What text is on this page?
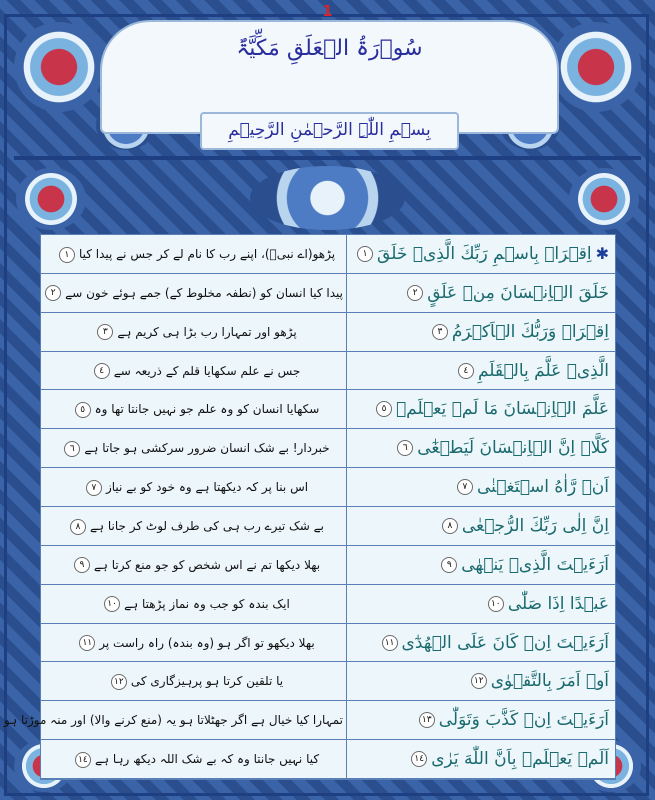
1
سُوۡرَۃُ الۡعَلَقِ مَکِّیَّۃٌ
بِسۡمِ اللّٰہِ الرَّحۡمٰنِ الرَّحِیۡمِ
پڑھو(اے نبیؐ)، اپنے رب کا نام لے کر جس نے پیدا کیا١	✱اِقۡرَاۡ بِاسۡمِ رَبِّكَ الَّذِىۡ خَلَقَ١
پیدا کیا انسان کو (نطفہ مخلوط کے) جمے ہوئے خون سے٢	خَلَقَ الۡاِنۡسَانَ مِنۡ عَلَقٍ٢
پڑھو اور تمہارا رب بڑا ہی کریم ہے٣	اِقۡرَاۡ وَرَبُّكَ الۡاَكۡرَمُ٣
جس نے علم سکھایا قلم کے ذریعہ سے٤	الَّذِىۡ عَلَّمَ بِالۡقَلَمِ٤
سکھایا انسان کو وہ علم جو نہیں جانتا تھا وہ٥	عَلَّمَ الۡاِنۡسَانَ مَا لَمۡ يَعۡلَمۡ٥
خبردار! بے شک انسان ضرور سرکشی ہو جاتا ہے٦	كَلَّاۤ اِنَّ الۡاِنۡسَانَ لَيَطۡغٰٓى٦
اس بنا پر کہ دیکھتا ہے وہ خود کو بے نیاز٧	اَنۡ رَّاٰهُ اسۡتَغۡنٰى٧
بے شک تیرے رب ہی کی طرف لوٹ کر جانا ہے٨	اِنَّ اِلٰى رَبِّكَ الرُّجۡعٰى٨
بھلا دیکھا تم نے اس شخص کو جو منع کرتا ہے٩	اَرَءَيۡتَ الَّذِىۡ يَنۡهٰى٩
ایک بندہ کو جب وہ نماز پڑھتا ہے١٠	عَبۡدًا اِذَا صَلّٰى١٠
بھلا دیکھو تو اگر ہو (وہ بندہ) راہ راست پر١١	اَرَءَيۡتَ اِنۡ كَانَ عَلَى الۡهُدٰٓى١١
یا تلقین کرتا ہو پرہیزگاری کی١٢	اَوۡ اَمَرَ بِالتَّقۡوٰى١٢
تمہارا کیا خیال ہے اگر جھٹلاتا ہو یہ (منع کرنے والا) اور منہ موڑتا ہو	اَرَءَيۡتَ اِنۡ كَذَّبَ وَتَوَلّٰى١٣
کیا نہیں جانتا وہ کہ بے شک اللہ دیکھ رہا ہے١٤	اَلَمۡ يَعۡلَمۡ بِاَنَّ اللّٰهَ يَرٰى١٤
